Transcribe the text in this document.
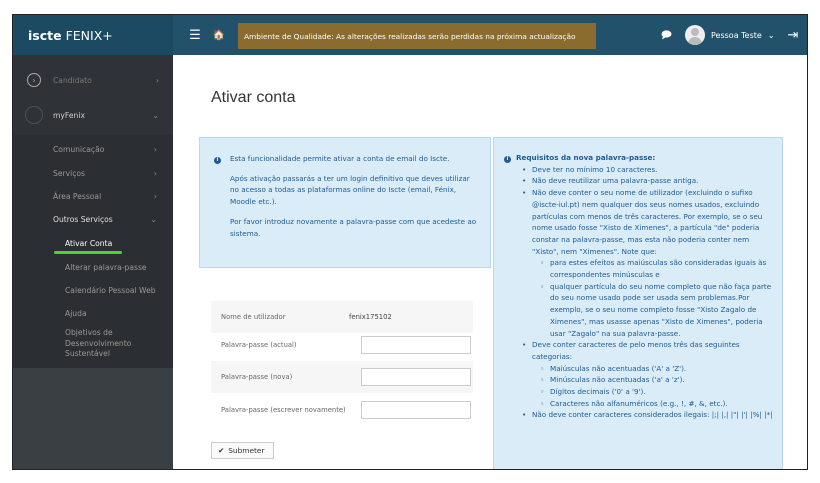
iscte FENIX+	☰	🏠	Ambiente de Qualidade: As alterações realizadas serão perdidas na próxima actualização	Pessoa Teste ⌄	⇥
›	Candidato	›
myFenix	⌄
Comunicação	›
Serviços	›
Área Pessoal	›
Outros Serviços	⌄
Ativar Conta
Alterar palavra-passe
Calendário Pessoal Web
Ajuda
Objetivos de Desenvolvimento Sustentável
Ativar conta
i	Esta funcionalidade permite ativar a conta de email do Iscte.

Após ativação passarás a ter um login definitivo que deves utilizar no acesso a todas as plataformas online do Iscte (email, Fénix, Moodle etc.).

Por favor introduz novamente a palavra-passe com que acedeste ao sistema.

i	Requisitos da nova palavra-passe:
• Deve ter no mínimo 10 caracteres.
• Não deve reutilizar uma palavra-passe antiga.
• Não deve conter o seu nome de utilizador (excluindo o sufixo @iscte-iul.pt) nem qualquer dos seus nomes usados, excluindo partículas com menos de três caracteres. Por exemplo, se o seu nome usado fosse "Xisto de Ximenes", a partícula "de" poderia constar na palavra-passe, mas esta não poderia conter nem "Xisto", nem "Ximenes". Note que:
◦ para estes efeitos as maiúsculas são consideradas iguais às correspondentes minúsculas e
◦ qualquer partícula do seu nome completo que não faça parte do seu nome usado pode ser usada sem problemas.Por exemplo, se o seu nome completo fosse "Xisto Zagalo de Ximenes", mas usasse apenas "Xisto de Ximenes", poderia usar "Zagalo" na sua palavra-passe.
• Deve conter caracteres de pelo menos três das seguintes categorias:
◦ Maiúsculas não acentuadas ('A' a 'Z').
◦ Minúsculas não acentuadas ('a' a 'z').
◦ Dígitos decimais ('0' a '9').
◦ Caracteres não alfanuméricos (e.g., !, #, &, etc.).
• Não deve conter caracteres considerados ilegais: |;| |,| |"| |'| |%| |*|
Nome de utilizador	fenix175102
Palavra-passe (actual)
Palavra-passe (nova)
Palavra-passe (escrever novamente)
✔ Submeter
